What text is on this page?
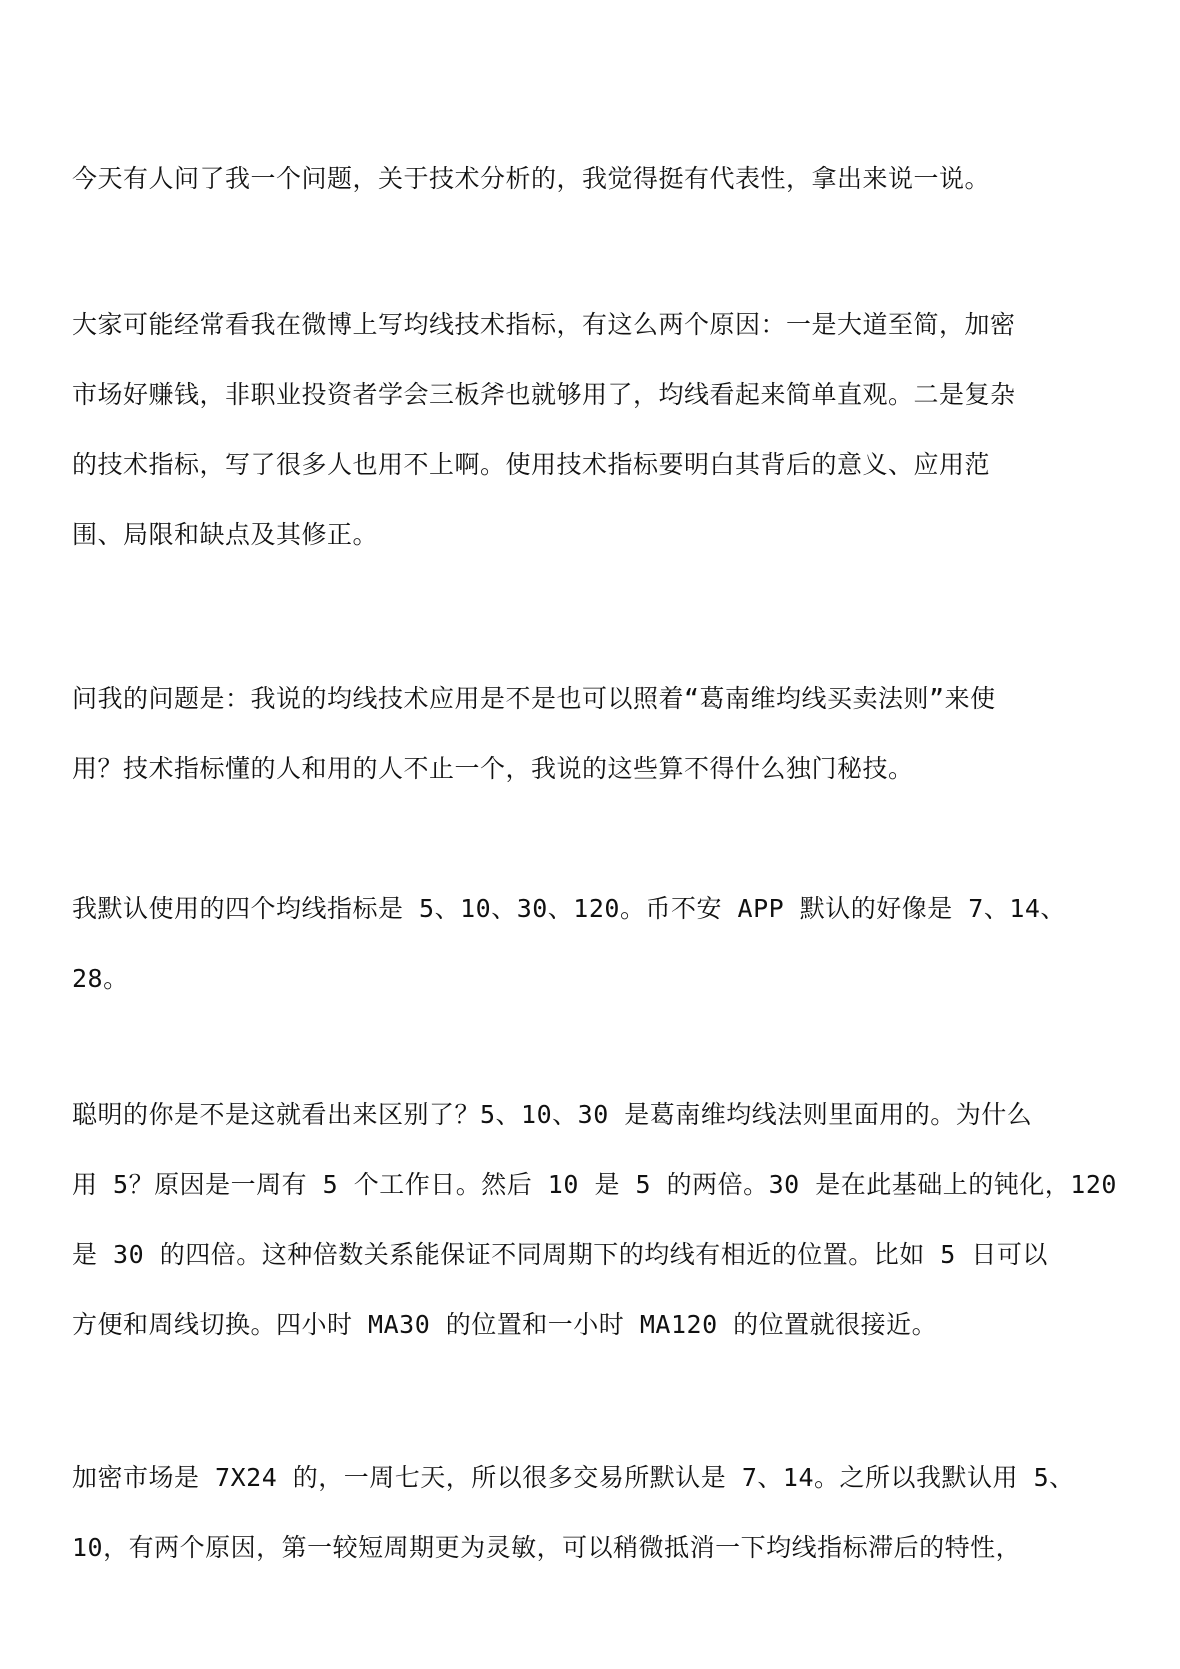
今天有人问了我一个问题，关于技术分析的，我觉得挺有代表性，拿出来说一说。

大家可能经常看我在微博上写均线技术指标，有这么两个原因：一是大道至简，加密
市场好赚钱，非职业投资者学会三板斧也就够用了，均线看起来简单直观。二是复杂
的技术指标，写了很多人也用不上啊。使用技术指标要明白其背后的意义、应用范
围、局限和缺点及其修正。

问我的问题是：我说的均线技术应用是不是也可以照着“葛南维均线买卖法则”来使
用？技术指标懂的人和用的人不止一个，我说的这些算不得什么独门秘技。

我默认使用的四个均线指标是 5、10、30、120。币不安 APP 默认的好像是 7、14、
28。

聪明的你是不是这就看出来区别了？5、10、30 是葛南维均线法则里面用的。为什么
用 5？原因是一周有 5 个工作日。然后 10 是 5 的两倍。30 是在此基础上的钝化，120
是 30 的四倍。这种倍数关系能保证不同周期下的均线有相近的位置。比如 5 日可以
方便和周线切换。四小时 MA30 的位置和一小时 MA120 的位置就很接近。

加密市场是 7X24 的，一周七天，所以很多交易所默认是 7、14。之所以我默认用 5、
10，有两个原因，第一较短周期更为灵敏，可以稍微抵消一下均线指标滞后的特性，
